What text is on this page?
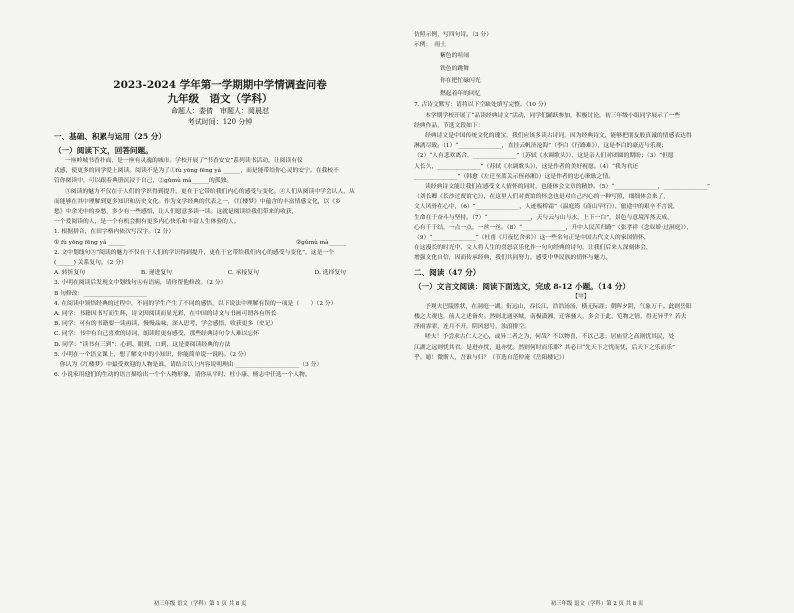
2023-2024 学年第一学期期中学情调查问卷
九年级　语文（学科）
命题人：娄倩　审题人：岡晨怼
考试时间：120 分钟
一、基础、积累与运用（25 分）
（一）阅读下文，回答问题。

一座岭城书香扑面，是一座有灵魂的城市。学校开展了“书香安安”系列读书活动，让阅读有仪

式感，使更多的同学爱上阅读。阅读不是为了①fù yōng fēng yǎ ______，而是能带给你心灵的安宁。在我校不

管你阅读中，可以跟着典册沉浸于自己，②gǔmù mà______的孤独。

③阅读的魅力不仅在于人们的学识得到提升，更在于它带给我们内心的感受与变化。④人们从阅读中学会认人，从

而能够在其中理解到更多知识和历史文化。作为文学经典的代表之一，《红楼梦》中蕴含的丰富情感文化，以《乡

愁》中余光中的乡愁，多少有一些感悟，让人们愿意多读一读。这就是阅读给我们带来的收获，

一个爱阅读的人，是一个有机会拥有更多内心快乐和丰富人生体验的人。

1. 根据拼音，在田字格内依次写汉字。（2 分）

① fù yōng fēng yǎ ______	②gǔmù mà______

2. 文中划线句③“阅读的魅力不仅在于人们的学识得到提升，更在于它带给我们内心的感受与变化”，这是一个

(______) 关系复句。（2 分）

A. 转折复句	B. 递进复句	C. 承接复句	D. 选择复句

3. 小明在阅读后发现文中划线句④有语病，请你帮他修改。（2 分）

B 句修改：______________________

4. 在阅读中领悟经典的过程中，不同的学生产生了不同的感悟，以下说法中理解有误的一项是（　　）（2 分）

A. 同学：书籍因书写而生辉，诗文因阅读而显光彩，在中国的诗文与书画可谓各有所长

B. 同学：可有的书籍要一读再读，慢慢品味，深入思考，学会感悟，收获更多（史记）

C. 同学：书中有自己喜欢的诗词，朗读时更有感受，那些经典诗句令人难以忘怀

D. 同学：“读书有三到”：心到、眼到、口到，这是要阅读经典的方法

5. 小明在一个语文课上，想了解文中的小知识，你能简单说一说吗。（2 分）

　你认为《红楼梦》中最受欢迎的人物是谁，请结合以上内容说明理由 ______________________（3 分）

6. 小说家用他们的生动的语言描绘出一个个人物形象，请你从平时、杜小康、杨志中任选一个人物。

初三年级 语文（学科）第 1 页 共 8 页

仿照示例，写四句诗。（3 分）

示例：　雨土

紫色的喧闹
铁色的跳舞
你在把忙碌闪光
燃起着年的回忆

7. 古诗文默写：请将以下空缺处填写完整。（10 分）

本学期学校开展了“品读经典诗文”活动，同学们踊跃参加，积极讨论，初三年级小组同学展示了一些

经典作品，节选文段如下：

经典诗文是中国传统文化的瑰宝，我们应该多读古诗词，因为经典诗文，能够把朋友般真诚的情感表达得

淋漓尽致。（1）“_______________，直挂云帆济沧海”（李白《行路难》），这是李白的豪迈与乐观；

（2）“人有悲欢离合，_______________”（苏轼《水调歌头》），这是亲人们对团圆的期盼；（3）“但愿

人长久，_______________”（苏轼《水调歌头》），这是作者的美好祝愿。（4）“我为君还

_______________”（韩愈《左迁至蓝关示侄孙湘》）这是作者的忠心耿耿之情。

读经典诗文能让我们在感受文人情怀的同时，也能体会文章的精妙。（5）“_______________，_______________”

（刘长卿《长沙过贾谊宅》），在这里人们对贾谊的怀念也是对自己内心的一种写照，细细体会来了，

文人风骨在心中，（6）“_______________，人迹板桥霜”（温庭筠《商山早行》），旅途中的艰辛不言说，

生命在于奋斗与坚持。（7）“_______________，天与云与山与水，上下一白”，景色与意境浑然天成，

心有千千结，一点一点，一丝一丝。（8）“_______________，升中人民苦归路”（张孝祥《念奴娇·过洞庭》），

（9）“_______________”（杜甫《月夜忆舍弟》）这一些名句正是中国古代文人的家国情怀，

在这漫长的时光中，文人将人生的喜怒哀乐化作一句句经典的诗句，让我们后来人深刻体会，

增强文化自信，因而传承经典，我们共同努力，感受中华民族的情怀与魅力。

二、阅读（47 分）
（一）文言文阅读：阅读下面选文，完成 8-12 小题。（14 分）

【甲】

予观夫巴陵胜状，在洞庭一湖。衔远山，吞长江，浩浩汤汤，横无际涯；朝晖夕阴，气象万千。此则岳阳

楼之大观也，前人之述备矣。然则北通巫峡，南极潇湘，迁客骚人，多会于此，览物之情，得无异乎？若夫

淫雨霏霏，连月不开，阴风怒号，浊浪排空。

嗟夫！予尝求古仁人之心，或异二者之为，何哉？不以物喜，不以己悲；居庙堂之高则忧其民，处

江湖之远则忧其君。是进亦忧，退亦忧。然则何时而乐耶？其必曰“先天下之忧而忧，后天下之乐而乐”

乎。噫！微斯人，吾谁与归？（节选自范仲淹《岳阳楼记》）

初三年级 语文（学科）第 2 页 共 8 页
